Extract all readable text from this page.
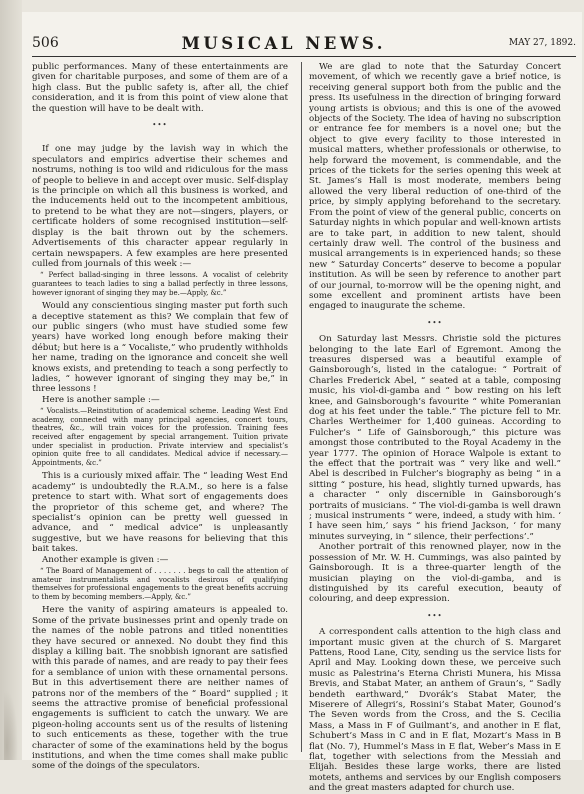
506	MUSICAL NEWS.	MAY 27, 1892.

public performances. Many of these entertainments are given for charitable purposes, and some of them are of a high class. But the public safety is, after all, the chief consideration, and it is from this point of view alone that the question will have to be dealt with.

•••

If one may judge by the lavish way in which the speculators and empirics advertise their schemes and nostrums, nothing is too wild and ridiculous for the mass of people to believe in and accept over music. Self-display is the principle on which all this business is worked, and the inducements held out to the incompetent ambitious, to pretend to be what they are not—singers, players, or certificate holders of some recognised institution—self-display is the bait thrown out by the schemers. Advertisements of this character appear regularly in certain newspapers. A few examples are here presented culled from journals of this week :—

“ Perfect ballad-singing in three lessons. A vocalist of celebrity guarantees to teach ladies to sing a ballad perfectly in three lessons, however ignorant of singing they may be.—Apply, &c.”

Would any conscientious singing master put forth such a deceptive statement as this? We complain that few of our public singers (who must have studied some few years) have worked long enough before making their début; but here is a “ Vocaliste,” who prudently withholds her name, trading on the ignorance and conceit she well knows exists, and pretending to teach a song perfectly to ladies, “ however ignorant of singing they may be,” in three lessons !

Here is another sample :—

“ Vocalists.—Reinstitution of academical scheme. Leading West End academy, connected with many principal agencies, concert tours, theatres, &c., will train voices for the profession. Training fees received after engagement by special arrangement. Tuition private under specialist in production. Private interview and specialist’s opinion quite free to all candidates. Medical advice if necessary.—Appointments, &c.”

This is a curiously mixed affair. The “ leading West End academy” is undoubtedly the R.A.M., so here is a false pretence to start with. What sort of engagements does the proprietor of this scheme get, and where? The specialist’s opinion can be pretty well guessed in advance, and “ medical advice” is unpleasantly suggestive, but we have reasons for believing that this bait takes.

Another example is given :—

“ The Board of Management of . . . . . . . begs to call the attention of amateur instrumentalists and vocalists desirous of qualifying themselves for professional engagements to the great benefits accruing to them by becoming members.—Apply, &c.”

Here the vanity of aspiring amateurs is appealed to. Some of the private businesses print and openly trade on the names of the noble patrons and titled nonentities they have secured or annexed. No doubt they find this display a killing bait. The snobbish ignorant are satisfied with this parade of names, and are ready to pay their fees for a semblance of union with these ornamental persons. But in this advertisement there are neither names of patrons nor of the members of the “ Board” supplied ; it seems the attractive promise of beneficial professional engagements is sufficient to catch the unwary. We are pigeon-holing accounts sent us of the results of listening to such enticements as these, together with the true character of some of the examinations held by the bogus institutions, and when the time comes shall make public some of the doings of the speculators.

We are glad to note that the Saturday Concert movement, of which we recently gave a brief notice, is receiving general support both from the public and the press. Its usefulness in the direction of bringing forward young artists is obvious; and this is one of the avowed objects of the Society. The idea of having no subscription or entrance fee for members is a novel one; but the object to give every facility to those interested in musical matters, whether professionals or otherwise, to help forward the movement, is commendable, and the prices of the tickets for the series opening this week at St. James’s Hall is most moderate, members being allowed the very liberal reduction of one-third of the price, by simply applying beforehand to the secretary. From the point of view of the general public, concerts on Saturday nights in which popular and well-known artists are to take part, in addition to new talent, should certainly draw well. The control of the business and musical arrangements is in experienced hands; so these new “ Saturday Concerts” deserve to become a popular institution. As will be seen by reference to another part of our journal, to-morrow will be the opening night, and some excellent and prominent artists have been engaged to inaugurate the scheme.

•••

On Saturday last Messrs. Christie sold the pictures belonging to the late Earl of Egremont. Among the treasures dispersed was a beautiful example of Gainsborough’s, listed in the catalogue: “ Portrait of Charles Frederick Abel, “ seated at a table, composing music, his viol-di-gamba and “ bow resting on his left knee, and Gainsborough’s favourite “ white Pomeranian dog at his feet under the table.” The picture fell to Mr. Charles Wertheimer for 1,400 guineas. According to Fulcher’s “ Life of Gainsborough,” this picture was amongst those contributed to the Royal Academy in the year 1777. The opinion of Horace Walpole is extant to the effect that the portrait was “ very like and well.” Abel is described in Fulcher’s biography as being “ in a sitting “ posture, his head, slightly turned upwards, has a character “ only discernible in Gainsborough’s portraits of musicians. “ The viol-di-gamba is well drawn ; musical instruments “ were, indeed, a study with him. ‘ I have seen him,’ says “ his friend Jackson, ‘ for many minutes surveying, in “ silence, their perfections’.”

Another portrait of this renowned player, now in the possession of Mr. W. H. Cummings, was also painted by Gainsborough. It is a three-quarter length of the musician playing on the viol-di-gamba, and is distinguished by its careful execution, beauty of colouring, and deep expression.

•••

A correspondent calls attention to the high class and important music given at the church of S. Margaret Pattens, Rood Lane, City, sending us the service lists for April and May. Looking down these, we perceive such music as Palestrina’s Eterna Christi Munera, his Missa Brevis, and Stabat Mater, an anthem of Graun’s, “ Sadly bendeth earthward,” Dvorák’s Stabat Mater, the Miserere of Allegri’s, Rossini’s Stabat Mater, Gounod’s The Seven words from the Cross, and the S. Cecilia Mass, a Mass in F of Guilmant’s, and another in E flat, Schubert’s Mass in C and in E flat, Mozart’s Mass in B flat (No. 7), Hummel’s Mass in E flat, Weber’s Mass in E flat, together with selections from the Messiah and Elijah. Besides these large works, there are listed motets, anthems and services by our English composers and the great masters adapted for church use.
